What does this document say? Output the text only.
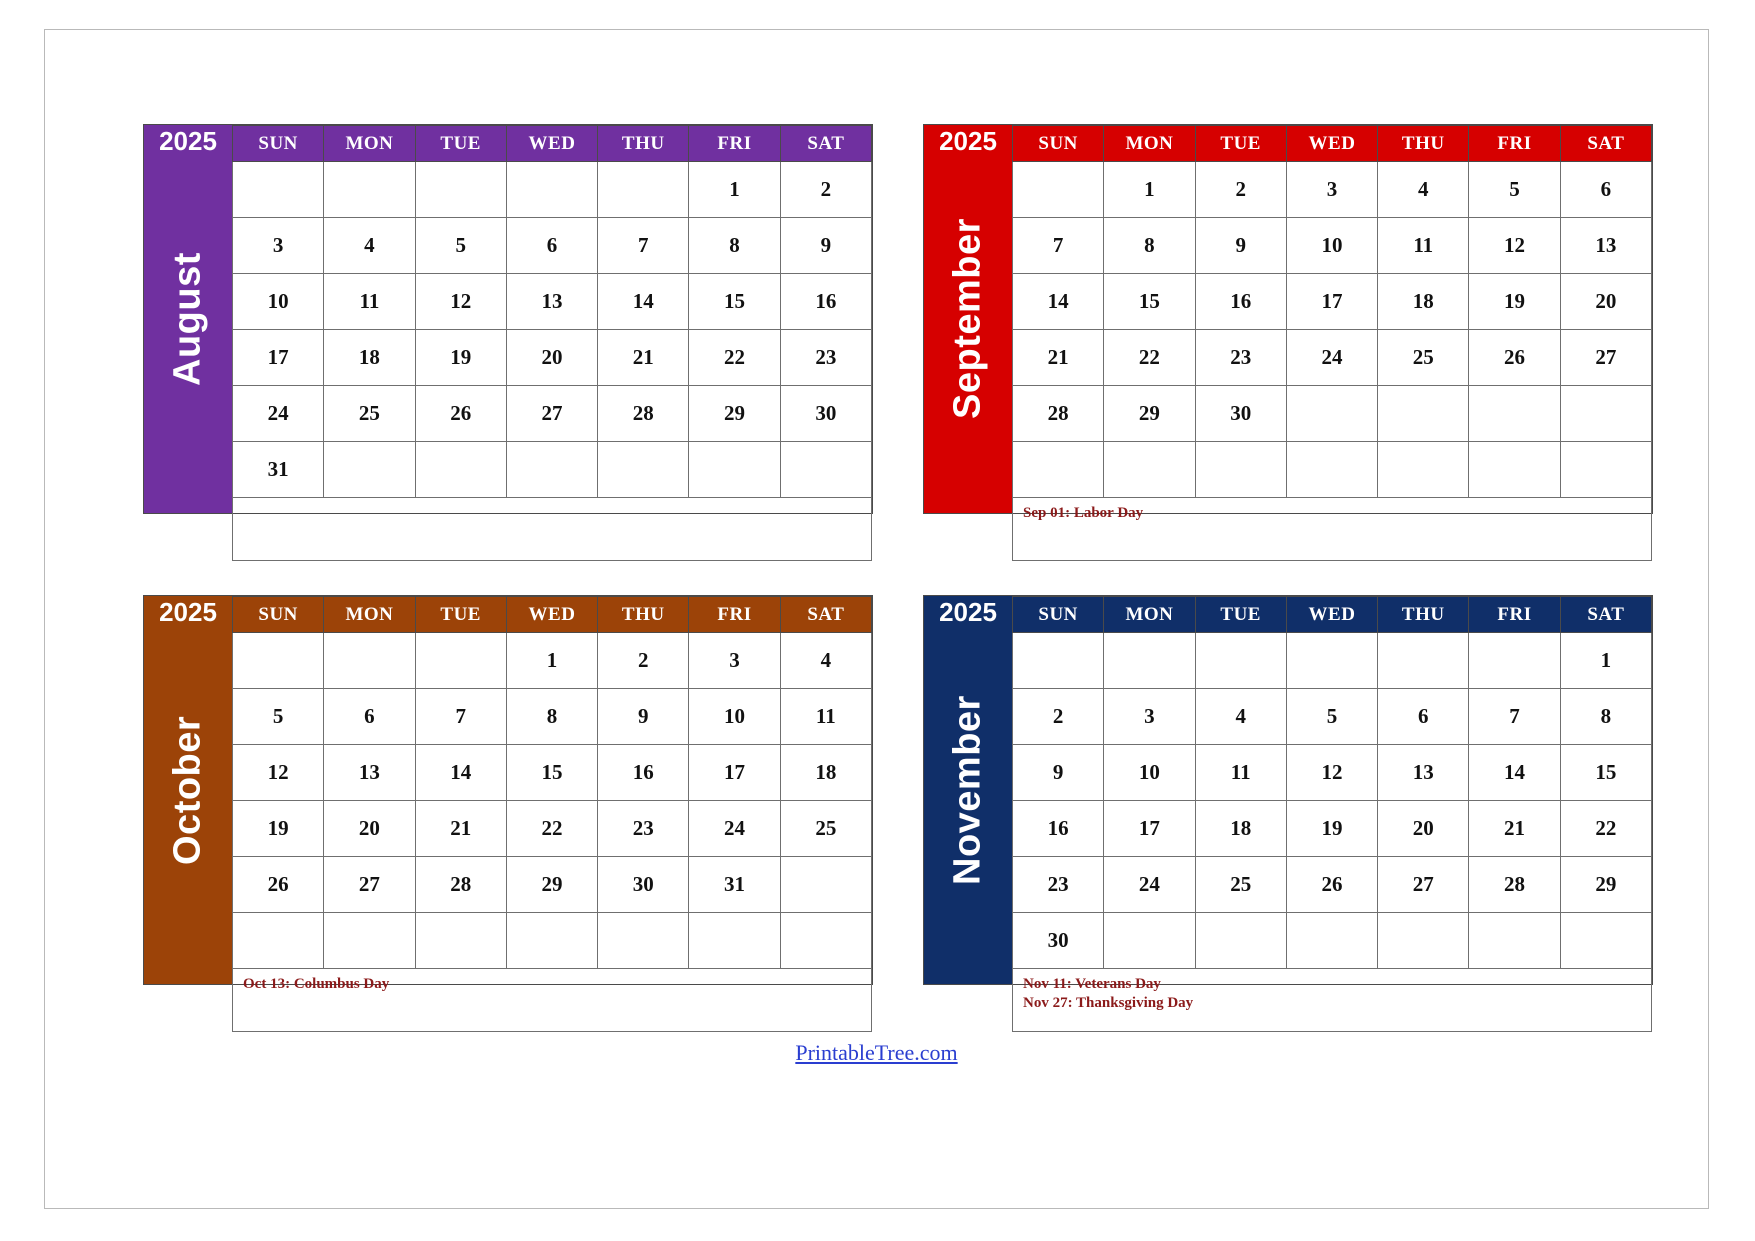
August
2025	SUN	MON	TUE	WED	THU	FRI	SAT
					1	2
3	4	5	6	7	8	9
10	11	12	13	14	15	16
17	18	19	20	21	22	23
24	25	26	27	28	29	30
31						

September
2025	SUN	MON	TUE	WED	THU	FRI	SAT
	1	2	3	4	5	6
7	8	9	10	11	12	13
14	15	16	17	18	19	20
21	22	23	24	25	26	27
28	29	30				

Sep 01: Labor Day						
October
2025	SUN	MON	TUE	WED	THU	FRI	SAT
			1	2	3	4
5	6	7	8	9	10	11
12	13	14	15	16	17	18
19	20	21	22	23	24	25
26	27	28	29	30	31	

Oct 13: Columbus Day						
November
2025	SUN	MON	TUE	WED	THU	FRI	SAT
						1
2	3	4	5	6	7	8
9	10	11	12	13	14	15
16	17	18	19	20	21	22
23	24	25	26	27	28	29
30						

Nov 11: Veterans Day
Nov 27: Thanksgiving Day						
PrintableTree.com
